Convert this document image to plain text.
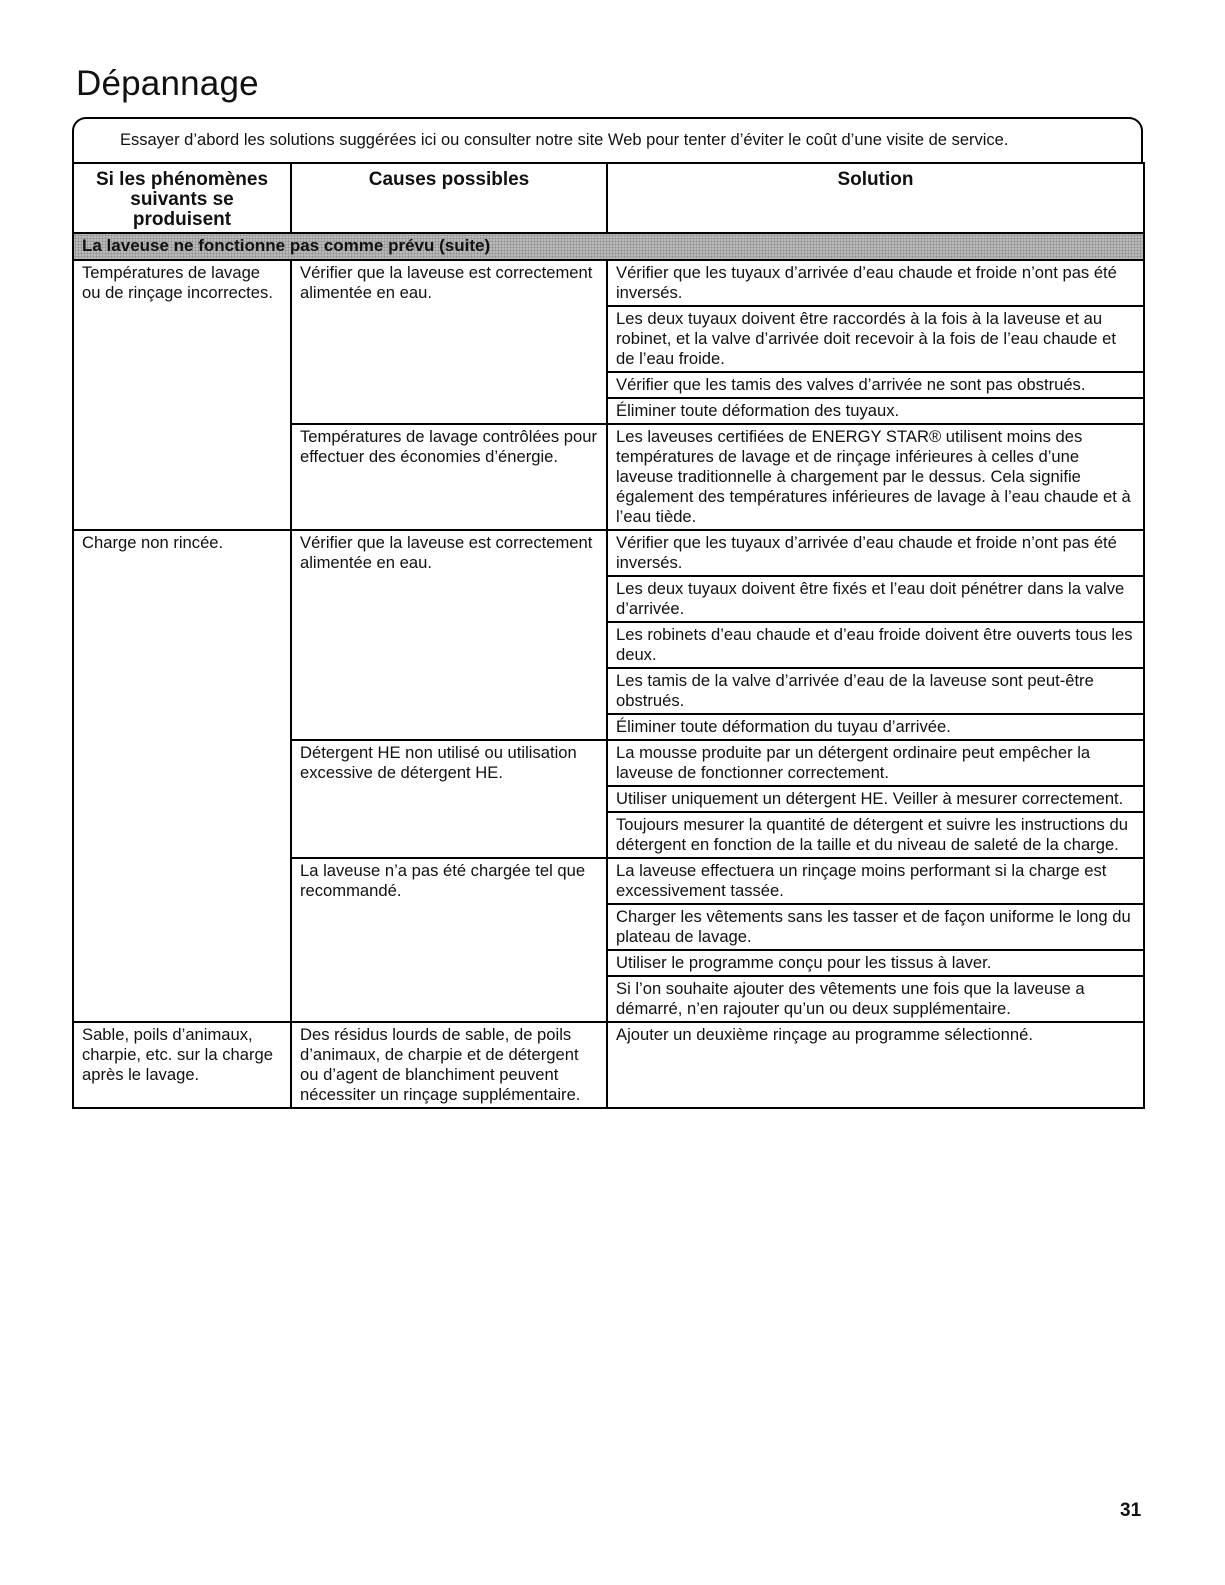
Dépannage
Essayer d’abord les solutions suggérées ici ou consulter notre site Web pour tenter d’éviter le coût d’une visite de service.
Si les phénomènes suivants se produisent	Causes possibles	Solution
La laveuse ne fonctionne pas comme prévu (suite)		
Températures de lavage ou de rinçage incorrectes.	Vérifier que la laveuse est correctement alimentée en eau.	Vérifier que les tuyaux d’arrivée d’eau chaude et froide n’ont pas été inversés.
		Les deux tuyaux doivent être raccordés à la fois à la laveuse et au robinet, et la valve d’arrivée doit recevoir à la fois de l’eau chaude et de l’eau froide.
		Vérifier que les tamis des valves d’arrivée ne sont pas obstrués.
		Éliminer toute déformation des tuyaux.
	Températures de lavage contrôlées pour effectuer des économies d’énergie.	Les laveuses certifiées de ENERGY STAR® utilisent moins des températures de lavage et de rinçage inférieures à celles d’une laveuse traditionnelle à chargement par le dessus. Cela signifie également des températures inférieures de lavage à l’eau chaude et à l’eau tiède.
Charge non rincée.	Vérifier que la laveuse est correctement alimentée en eau.	Vérifier que les tuyaux d’arrivée d’eau chaude et froide n’ont pas été inversés.
		Les deux tuyaux doivent être fixés et l’eau doit pénétrer dans la valve d’arrivée.
		Les robinets d’eau chaude et d’eau froide doivent être ouverts tous les deux.
		Les tamis de la valve d’arrivée d’eau de la laveuse sont peut-être obstrués.
		Éliminer toute déformation du tuyau d’arrivée.
	Détergent HE non utilisé ou utilisation excessive de détergent HE.	La mousse produite par un détergent ordinaire peut empêcher la laveuse de fonctionner correctement.
		Utiliser uniquement un détergent HE. Veiller à mesurer correctement.
		Toujours mesurer la quantité de détergent et suivre les instructions du détergent en fonction de la taille et du niveau de saleté de la charge.
	La laveuse n’a pas été chargée tel que recommandé.	La laveuse effectuera un rinçage moins performant si la charge est excessivement tassée.
		Charger les vêtements sans les tasser et de façon uniforme le long du plateau de lavage.
		Utiliser le programme conçu pour les tissus à laver.
		Si l’on souhaite ajouter des vêtements une fois que la laveuse a démarré, n’en rajouter qu’un ou deux supplémentaire.
Sable, poils d’animaux, charpie, etc. sur la charge après le lavage.	Des résidus lourds de sable, de poils d’animaux, de charpie et de détergent ou d’agent de blanchiment peuvent nécessiter un rinçage supplémentaire.	Ajouter un deuxième rinçage au programme sélectionné.
31
